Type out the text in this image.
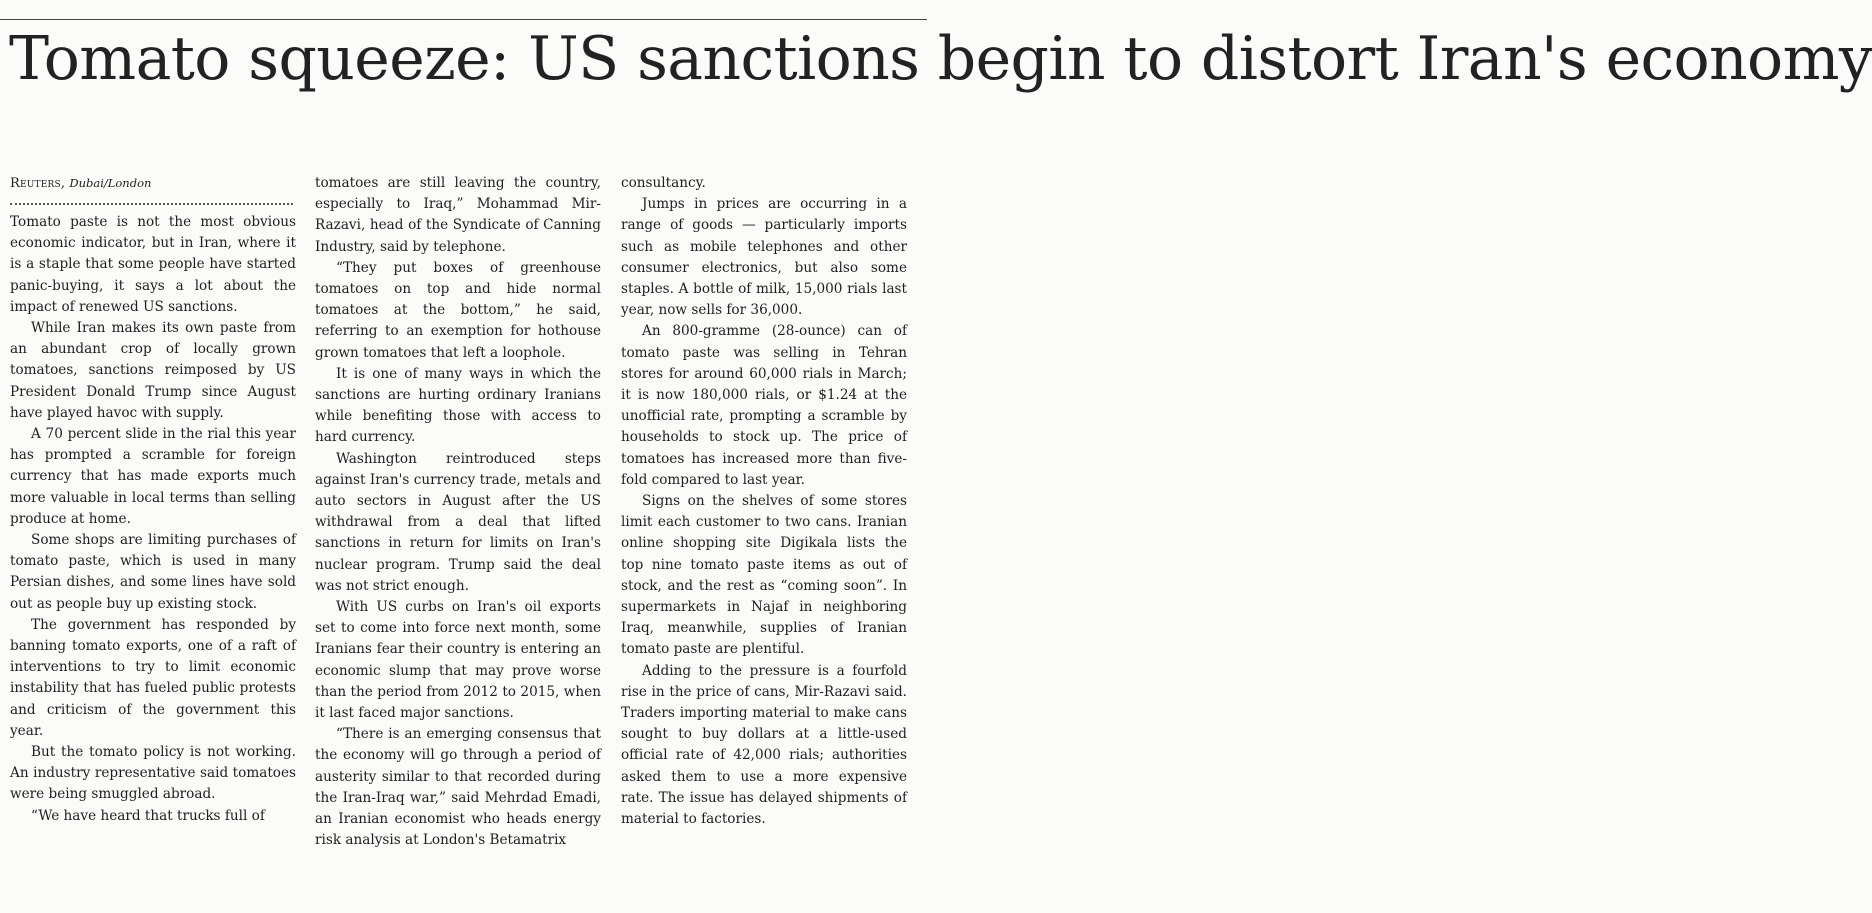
Tomato squeeze: US sanctions begin to distort Iran's economy
Reuters, Dubai/London

Tomato paste is not the most obvious economic indicator, but in Iran, where it is a staple that some people have started panic-buying, it says a lot about the impact of renewed US sanctions.

While Iran makes its own paste from an abundant crop of locally grown tomatoes, sanctions reimposed by US President Donald Trump since August have played havoc with supply.

A 70 percent slide in the rial this year has prompted a scramble for foreign currency that has made exports much more valuable in local terms than selling produce at home.

Some shops are limiting purchases of tomato paste, which is used in many Persian dishes, and some lines have sold out as people buy up existing stock.

The government has responded by banning tomato exports, one of a raft of interventions to try to limit economic instability that has fueled public protests and criticism of the government this year.

But the tomato policy is not working. An industry representative said tomatoes were being smuggled abroad.

“We have heard that trucks full of

tomatoes are still leaving the country, especially to Iraq,” Mohammad Mir-Razavi, head of the Syndicate of Canning Industry, said by telephone.

“They put boxes of greenhouse tomatoes on top and hide normal tomatoes at the bottom,” he said, referring to an exemption for hothouse grown tomatoes that left a loophole.

It is one of many ways in which the sanctions are hurting ordinary Iranians while benefiting those with access to hard currency.

Washington reintroduced steps against Iran's currency trade, metals and auto sectors in August after the US withdrawal from a deal that lifted sanctions in return for limits on Iran's nuclear program. Trump said the deal was not strict enough.

With US curbs on Iran's oil exports set to come into force next month, some Iranians fear their country is entering an economic slump that may prove worse than the period from 2012 to 2015, when it last faced major sanctions.

“There is an emerging consensus that the economy will go through a period of austerity similar to that recorded during the Iran-Iraq war,” said Mehrdad Emadi, an Iranian economist who heads energy risk analysis at London's Betamatrix

consultancy.

Jumps in prices are occurring in a range of goods — particularly imports such as mobile telephones and other consumer electronics, but also some staples. A bottle of milk, 15,000 rials last year, now sells for 36,000.

An 800-gramme (28-ounce) can of tomato paste was selling in Tehran stores for around 60,000 rials in March; it is now 180,000 rials, or $1.24 at the unofficial rate, prompting a scramble by households to stock up. The price of tomatoes has increased more than five-fold compared to last year.

Signs on the shelves of some stores limit each customer to two cans. Iranian online shopping site Digikala lists the top nine tomato paste items as out of stock, and the rest as “coming soon”. In supermarkets in Najaf in neighboring Iraq, meanwhile, supplies of Iranian tomato paste are plentiful.

Adding to the pressure is a fourfold rise in the price of cans, Mir-Razavi said. Traders importing material to make cans sought to buy dollars at a little-used official rate of 42,000 rials; authorities asked them to use a more expensive rate. The issue has delayed shipments of material to factories.
